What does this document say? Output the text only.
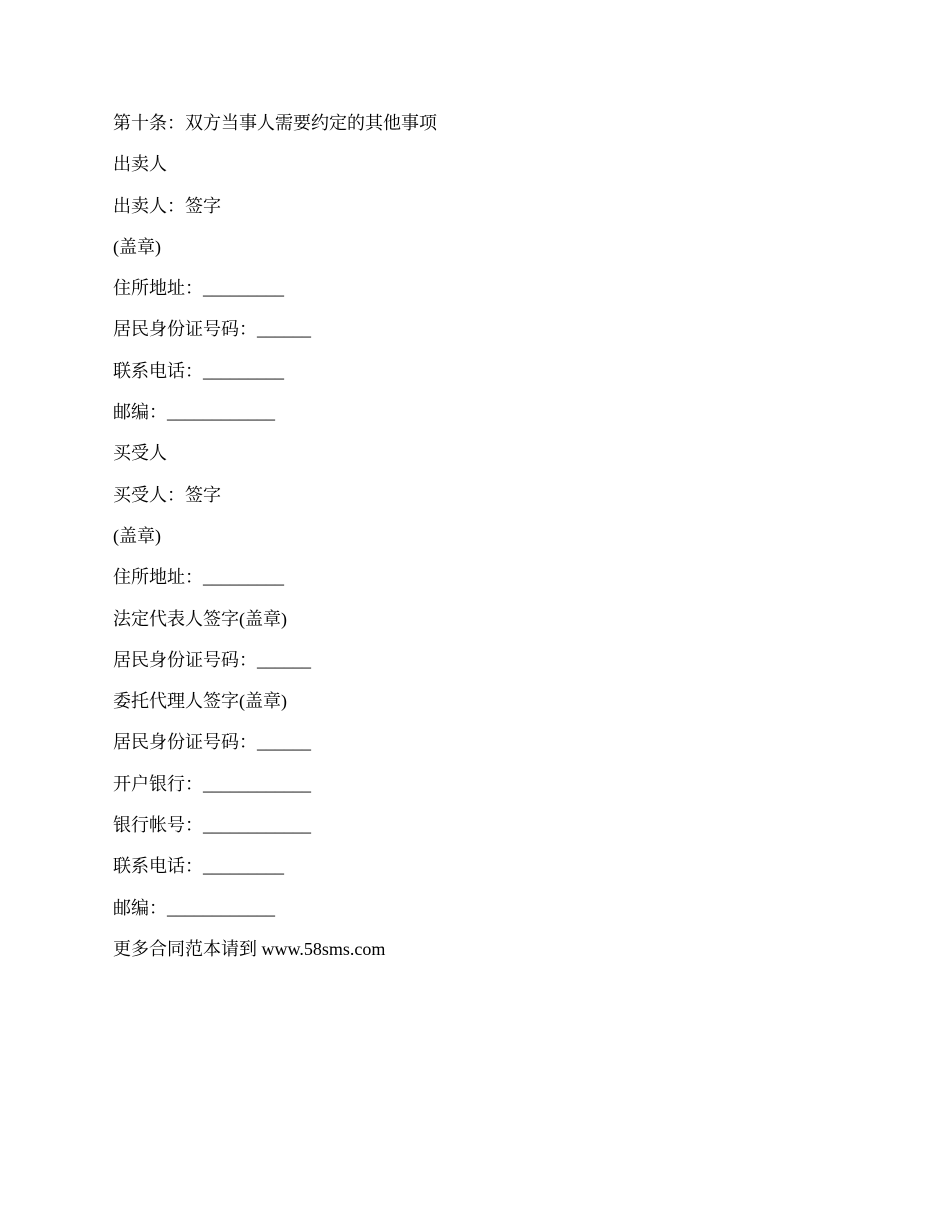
第十条：双方当事人需要约定的其他事项
出卖人
出卖人：签字
(盖章)
住所地址：_________
居民身份证号码：______
联系电话：_________
邮编：____________
买受人
买受人：签字
(盖章)
住所地址：_________
法定代表人签字(盖章)
居民身份证号码：______
委托代理人签字(盖章)
居民身份证号码：______
开户银行：____________
银行帐号：____________
联系电话：_________
邮编：____________
更多合同范本请到 www.58sms.com
